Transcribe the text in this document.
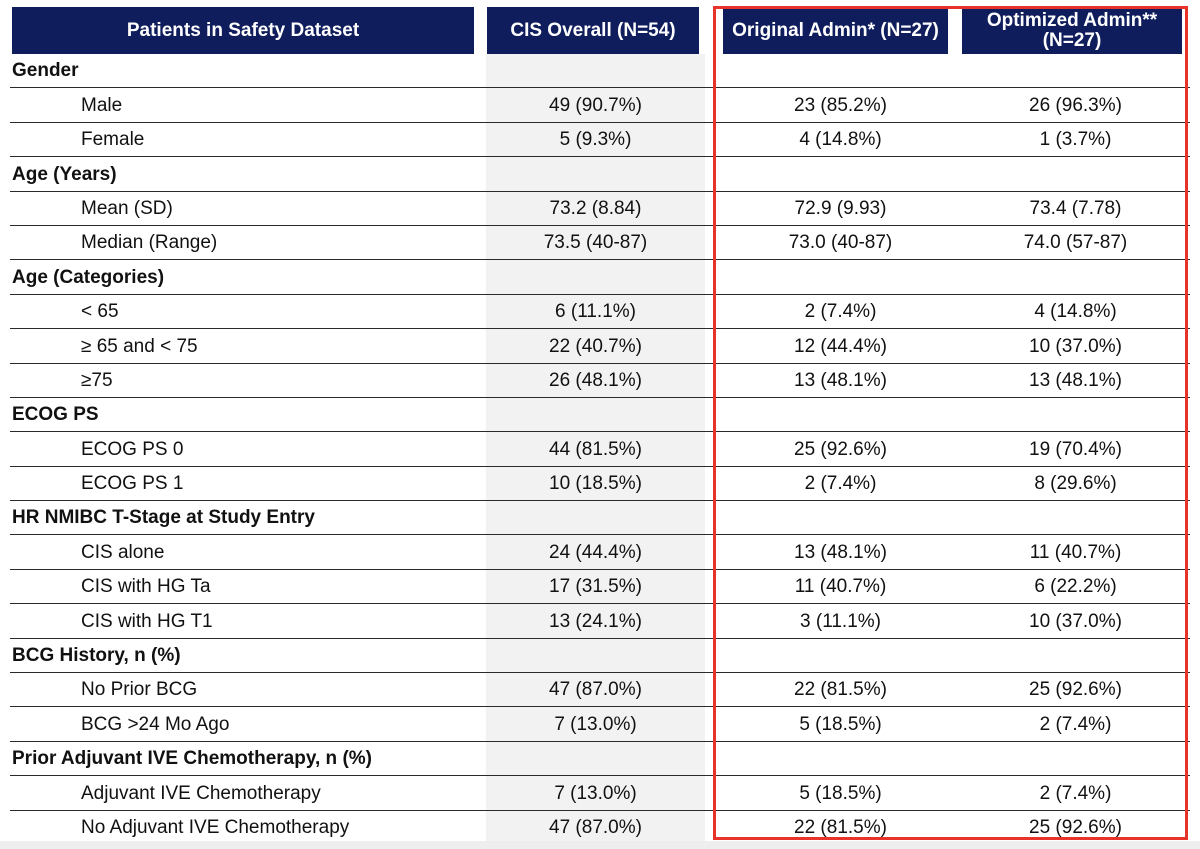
Patients in Safety Dataset	CIS Overall (N=54)	Original Admin* (N=27)	Optimized Admin**
(N=27)
Gender
Male	49 (90.7%)	23 (85.2%)	26 (96.3%)
Female	5 (9.3%)	4 (14.8%)	1 (3.7%)
Age (Years)
Mean (SD)	73.2 (8.84)	72.9 (9.93)	73.4 (7.78)
Median (Range)	73.5 (40-87)	73.0 (40-87)	74.0 (57-87)
Age (Categories)
< 65	6 (11.1%)	2 (7.4%)	4 (14.8%)
≥ 65 and < 75	22 (40.7%)	12 (44.4%)	10 (37.0%)
≥75	26 (48.1%)	13 (48.1%)	13 (48.1%)
ECOG PS
ECOG PS 0	44 (81.5%)	25 (92.6%)	19 (70.4%)
ECOG PS 1	10 (18.5%)	2 (7.4%)	8 (29.6%)
HR NMIBC T-Stage at Study Entry
CIS alone	24 (44.4%)	13 (48.1%)	11 (40.7%)
CIS with HG Ta	17 (31.5%)	11 (40.7%)	6 (22.2%)
CIS with HG T1	13 (24.1%)	3 (11.1%)	10 (37.0%)
BCG History, n (%)
No Prior BCG	47 (87.0%)	22 (81.5%)	25 (92.6%)
BCG >24 Mo Ago	7 (13.0%)	5 (18.5%)	2 (7.4%)
Prior Adjuvant IVE Chemotherapy, n (%)
Adjuvant IVE Chemotherapy	7 (13.0%)	5 (18.5%)	2 (7.4%)
No Adjuvant IVE Chemotherapy	47 (87.0%)	22 (81.5%)	25 (92.6%)
